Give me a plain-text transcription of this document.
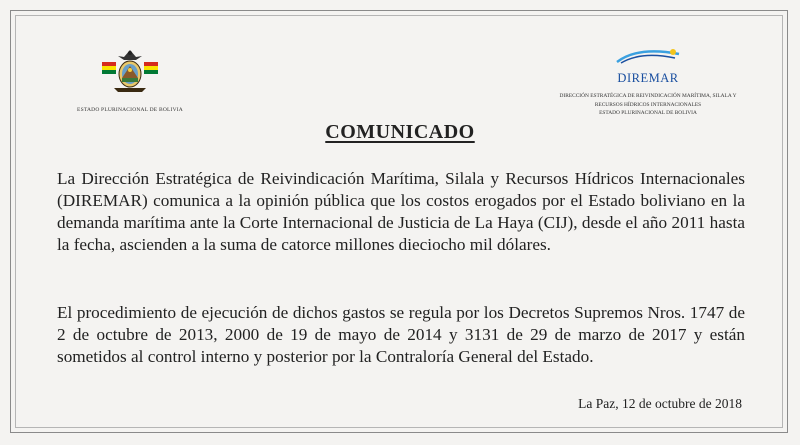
ESTADO PLURINACIONAL DE BOLIVIA
DIREMAR
DIRECCIÓN ESTRATÉGICA DE REIVINDICACIÓN MARÍTIMA, SILALA Y
RECURSOS HÍDRICOS INTERNACIONALES
ESTADO PLURINACIONAL DE BOLIVIA
COMUNICADO
La Dirección Estratégica de Reivindicación Marítima, Silala y Recursos Hídricos Internacionales (DIREMAR) comunica a la opinión pública que los costos erogados por el Estado boliviano en la demanda marítima ante la Corte Internacional de Justicia de La Haya (CIJ), desde el año 2011 hasta la fecha, ascienden a la suma de catorce millones dieciocho mil dólares.
El procedimiento de ejecución de dichos gastos se regula por los Decretos Supremos Nros. 1747 de 2 de octubre de 2013, 2000 de 19 de mayo de 2014 y 3131 de 29 de marzo de 2017 y están sometidos al control interno y posterior por la Contraloría General del Estado.
La Paz, 12 de octubre de 2018
